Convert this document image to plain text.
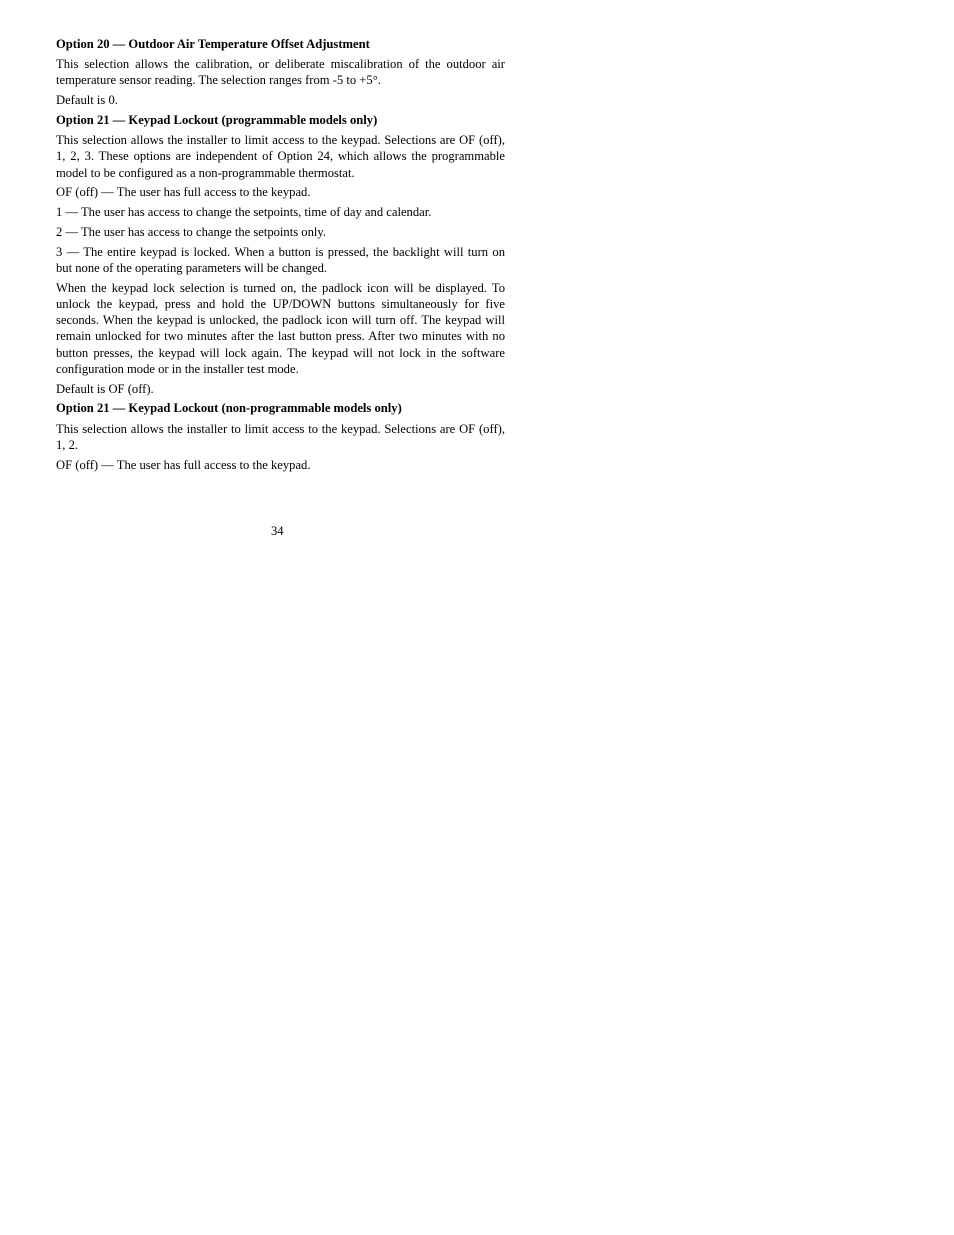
Option 20 — Outdoor Air Temperature Offset Adjustment

This selection allows the calibration, or deliberate miscalibration of the outdoor air temperature sensor reading. The selection ranges from -5 to +5°.

Default is 0.

Option 21 — Keypad Lockout (programmable models only)

This selection allows the installer to limit access to the keypad. Selections are OF (off), 1, 2, 3. These options are independent of Option 24, which allows the programmable model to be configured as a non-programmable thermostat.

OF (off) — The user has full access to the keypad.

1 — The user has access to change the setpoints, time of day and calendar.

2 — The user has access to change the setpoints only.

3 — The entire keypad is locked. When a button is pressed, the backlight will turn on but none of the operating parameters will be changed.

When the keypad lock selection is turned on, the padlock icon will be displayed. To unlock the keypad, press and hold the UP/DOWN buttons simultaneously for five seconds. When the keypad is unlocked, the padlock icon will turn off. The keypad will remain unlocked for two minutes after the last button press. After two minutes with no button presses, the keypad will lock again. The keypad will not lock in the software configuration mode or in the installer test mode.

Default is OF (off).

Option 21 — Keypad Lockout (non-programmable models only)

This selection allows the installer to limit access to the keypad. Selections are OF (off), 1, 2.

OF (off) — The user has full access to the keypad.

34
